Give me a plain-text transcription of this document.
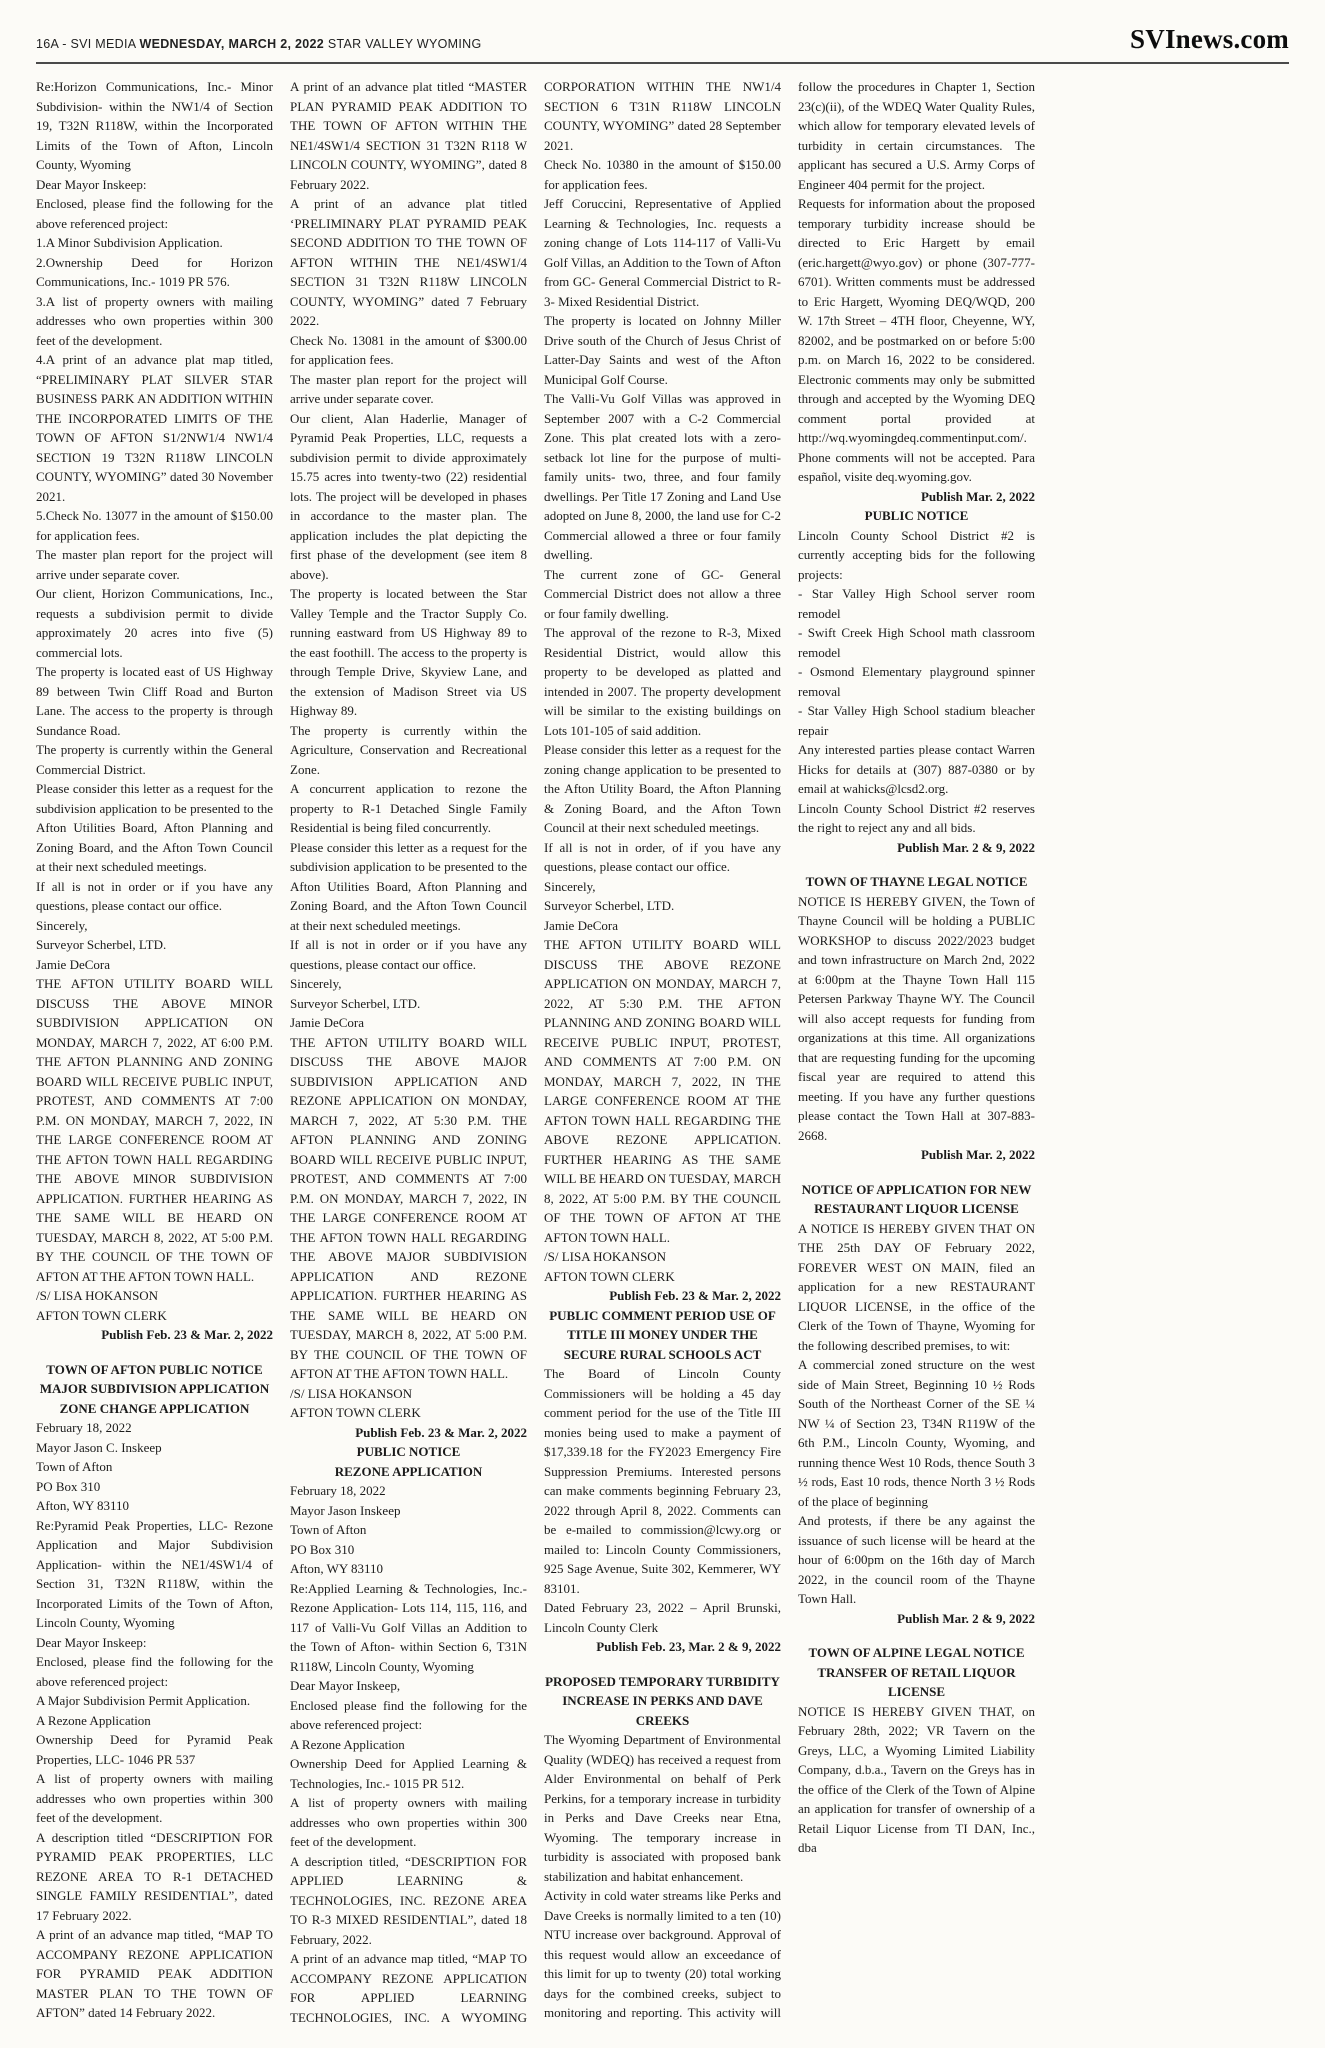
16A - SVI MEDIA WEDNESDAY, MARCH 2, 2022 STAR VALLEY WYOMING	SVInews.com

Re:Horizon Communications, Inc.- Minor Subdivision- within the NW1/4 of Section 19, T32N R118W, within the Incorporated Limits of the Town of Afton, Lincoln County, Wyoming

Dear Mayor Inskeep:

Enclosed, please find the following for the above referenced project:

1.A Minor Subdivision Application.

2.Ownership Deed for Horizon Communications, Inc.- 1019 PR 576.

3.A list of property owners with mailing addresses who own properties within 300 feet of the development.

4.A print of an advance plat map titled, “PRELIMINARY PLAT SILVER STAR BUSINESS PARK AN ADDITION WITHIN THE INCORPORATED LIMITS OF THE TOWN OF AFTON S1/2NW1/4 NW1/4 SECTION 19 T32N R118W LINCOLN COUNTY, WYOMING” dated 30 November 2021.

5.Check No. 13077 in the amount of $150.00 for application fees.

The master plan report for the project will arrive under separate cover.

Our client, Horizon Communications, Inc., requests a subdivision permit to divide approximately 20 acres into five (5) commercial lots.

The property is located east of US Highway 89 between Twin Cliff Road and Burton Lane. The access to the property is through Sundance Road.

The property is currently within the General Commercial District.

Please consider this letter as a request for the subdivision application to be presented to the Afton Utilities Board, Afton Planning and Zoning Board, and the Afton Town Council at their next scheduled meetings.

If all is not in order or if you have any questions, please contact our office.

Sincerely,

Surveyor Scherbel, LTD.

Jamie DeCora

THE AFTON UTILITY BOARD WILL DISCUSS THE ABOVE MINOR SUBDIVISION APPLICATION ON MONDAY, MARCH 7, 2022, AT 6:00 P.M. THE AFTON PLANNING AND ZONING BOARD WILL RECEIVE PUBLIC INPUT, PROTEST, AND COMMENTS AT 7:00 P.M. ON MONDAY, MARCH 7, 2022, IN THE LARGE CONFERENCE ROOM AT THE AFTON TOWN HALL REGARDING THE ABOVE MINOR SUBDIVISION APPLICATION. FURTHER HEARING AS THE SAME WILL BE HEARD ON TUESDAY, MARCH 8, 2022, AT 5:00 P.M. BY THE COUNCIL OF THE TOWN OF AFTON AT THE AFTON TOWN HALL.

/S/ LISA HOKANSON

AFTON TOWN CLERK

Publish Feb. 23 & Mar. 2, 2022
TOWN OF AFTON PUBLIC NOTICE
MAJOR SUBDIVISION APPLICATION
ZONE CHANGE APPLICATION

February 18, 2022

Mayor Jason C. Inskeep

Town of Afton

PO Box 310

Afton, WY 83110

Re:Pyramid Peak Properties, LLC- Rezone Application and Major Subdivision Application- within the NE1/4SW1/4 of Section 31, T32N R118W, within the Incorporated Limits of the Town of Afton, Lincoln County, Wyoming

Dear Mayor Inskeep:

Enclosed, please find the following for the above referenced project:

A Major Subdivision Permit Application.

A Rezone Application

Ownership Deed for Pyramid Peak Properties, LLC- 1046 PR 537

A list of property owners with mailing addresses who own properties within 300 feet of the development.

A description titled “DESCRIPTION FOR PYRAMID PEAK PROPERTIES, LLC REZONE AREA TO R-1 DETACHED SINGLE FAMILY RESIDENTIAL”, dated 17 February 2022.

A print of an advance map titled, “MAP TO ACCOMPANY REZONE APPLICATION FOR PYRAMID PEAK ADDITION MASTER PLAN TO THE TOWN OF AFTON” dated 14 February 2022.

A print of an advance plat titled “MASTER PLAN PYRAMID PEAK ADDITION TO THE TOWN OF AFTON WITHIN THE NE1/4SW1/4 SECTION 31 T32N R118 W LINCOLN COUNTY, WYOMING”, dated 8 February 2022.

A print of an advance plat titled ‘PRELIMINARY PLAT PYRAMID PEAK SECOND ADDITION TO THE TOWN OF AFTON WITHIN THE NE1/4SW1/4 SECTION 31 T32N R118W LINCOLN COUNTY, WYOMING” dated 7 February 2022.

Check No. 13081 in the amount of $300.00 for application fees.

The master plan report for the project will arrive under separate cover.

Our client, Alan Haderlie, Manager of Pyramid Peak Properties, LLC, requests a subdivision permit to divide approximately 15.75 acres into twenty-two (22) residential lots. The project will be developed in phases in accordance to the master plan. The application includes the plat depicting the first phase of the development (see item 8 above).

The property is located between the Star Valley Temple and the Tractor Supply Co. running eastward from US Highway 89 to the east foothill. The access to the property is through Temple Drive, Skyview Lane, and the extension of Madison Street via US Highway 89.

The property is currently within the Agriculture, Conservation and Recreational Zone.

A concurrent application to rezone the property to R-1 Detached Single Family Residential is being filed concurrently.

Please consider this letter as a request for the subdivision application to be presented to the Afton Utilities Board, Afton Planning and Zoning Board, and the Afton Town Council at their next scheduled meetings.

If all is not in order or if you have any questions, please contact our office.

Sincerely,

Surveyor Scherbel, LTD.

Jamie DeCora

THE AFTON UTILITY BOARD WILL DISCUSS THE ABOVE MAJOR SUBDIVISION APPLICATION AND REZONE APPLICATION ON MONDAY, MARCH 7, 2022, AT 5:30 P.M. THE AFTON PLANNING AND ZONING BOARD WILL RECEIVE PUBLIC INPUT, PROTEST, AND COMMENTS AT 7:00 P.M. ON MONDAY, MARCH 7, 2022, IN THE LARGE CONFERENCE ROOM AT THE AFTON TOWN HALL REGARDING THE ABOVE MAJOR SUBDIVISION APPLICATION AND REZONE APPLICATION. FURTHER HEARING AS THE SAME WILL BE HEARD ON TUESDAY, MARCH 8, 2022, AT 5:00 P.M. BY THE COUNCIL OF THE TOWN OF AFTON AT THE AFTON TOWN HALL.

/S/ LISA HOKANSON

AFTON TOWN CLERK

Publish Feb. 23 & Mar. 2, 2022
PUBLIC NOTICE
REZONE APPLICATION

February 18, 2022

Mayor Jason Inskeep

Town of Afton

PO Box 310

Afton, WY 83110

Re:Applied Learning & Technologies, Inc.- Rezone Application- Lots 114, 115, 116, and 117 of Valli-Vu Golf Villas an Addition to the Town of Afton- within Section 6, T31N R118W, Lincoln County, Wyoming

Dear Mayor Inskeep,

Enclosed please find the following for the above referenced project:

A Rezone Application

Ownership Deed for Applied Learning & Technologies, Inc.- 1015 PR 512.

A list of property owners with mailing addresses who own properties within 300 feet of the development.

A description titled, “DESCRIPTION FOR APPLIED LEARNING & TECHNOLOGIES, INC. REZONE AREA TO R-3 MIXED RESIDENTIAL”, dated 18 February, 2022.

A print of an advance map titled, “MAP TO ACCOMPANY REZONE APPLICATION FOR APPLIED LEARNING TECHNOLOGIES, INC. A WYOMING CORPORATION WITHIN THE NW1/4 SECTION 6 T31N R118W LINCOLN COUNTY, WYOMING” dated 28 September 2021.

Check No. 10380 in the amount of $150.00 for application fees.

Jeff Coruccini, Representative of Applied Learning & Technologies, Inc. requests a zoning change of Lots 114-117 of Valli-Vu Golf Villas, an Addition to the Town of Afton from GC- General Commercial District to R-3- Mixed Residential District.

The property is located on Johnny Miller Drive south of the Church of Jesus Christ of Latter-Day Saints and west of the Afton Municipal Golf Course.

The Valli-Vu Golf Villas was approved in September 2007 with a C-2 Commercial Zone. This plat created lots with a zero-setback lot line for the purpose of multi-family units- two, three, and four family dwellings. Per Title 17 Zoning and Land Use adopted on June 8, 2000, the land use for C-2 Commercial allowed a three or four family dwelling.

The current zone of GC- General Commercial District does not allow a three or four family dwelling.

The approval of the rezone to R-3, Mixed Residential District, would allow this property to be developed as platted and intended in 2007. The property development will be similar to the existing buildings on Lots 101-105 of said addition.

Please consider this letter as a request for the zoning change application to be presented to the Afton Utility Board, the Afton Planning & Zoning Board, and the Afton Town Council at their next scheduled meetings.

If all is not in order, of if you have any questions, please contact our office.

Sincerely,

Surveyor Scherbel, LTD.

Jamie DeCora

THE AFTON UTILITY BOARD WILL DISCUSS THE ABOVE REZONE APPLICATION ON MONDAY, MARCH 7, 2022, AT 5:30 P.M. THE AFTON PLANNING AND ZONING BOARD WILL RECEIVE PUBLIC INPUT, PROTEST, AND COMMENTS AT 7:00 P.M. ON MONDAY, MARCH 7, 2022, IN THE LARGE CONFERENCE ROOM AT THE AFTON TOWN HALL REGARDING THE ABOVE REZONE APPLICATION. FURTHER HEARING AS THE SAME WILL BE HEARD ON TUESDAY, MARCH 8, 2022, AT 5:00 P.M. BY THE COUNCIL OF THE TOWN OF AFTON AT THE AFTON TOWN HALL.

/S/ LISA HOKANSON

AFTON TOWN CLERK

Publish Feb. 23 & Mar. 2, 2022
PUBLIC COMMENT PERIOD USE OF TITLE III MONEY UNDER THE SECURE RURAL SCHOOLS ACT

The Board of Lincoln County Commissioners will be holding a 45 day comment period for the use of the Title III monies being used to make a payment of $17,339.18 for the FY2023 Emergency Fire Suppression Premiums. Interested persons can make comments beginning February 23, 2022 through April 8, 2022. Comments can be e-mailed to commission@lcwy.org or mailed to: Lincoln County Commissioners, 925 Sage Avenue, Suite 302, Kemmerer, WY 83101.

Dated February 23, 2022 – April Brunski, Lincoln County Clerk

Publish Feb. 23, Mar. 2 & 9, 2022
PROPOSED TEMPORARY TURBIDITY INCREASE IN PERKS AND DAVE CREEKS

The Wyoming Department of Environmental Quality (WDEQ) has received a request from Alder Environmental on behalf of Perk Perkins, for a temporary increase in turbidity in Perks and Dave Creeks near Etna, Wyoming. The temporary increase in turbidity is associated with proposed bank stabilization and habitat enhancement.

Activity in cold water streams like Perks and Dave Creeks is normally limited to a ten (10) NTU increase over background. Approval of this request would allow an exceedance of this limit for up to twenty (20) total working days for the combined creeks, subject to monitoring and reporting. This activity will follow the procedures in Chapter 1, Section 23(c)(ii), of the WDEQ Water Quality Rules, which allow for temporary elevated levels of turbidity in certain circumstances. The applicant has secured a U.S. Army Corps of Engineer 404 permit for the project.

Requests for information about the proposed temporary turbidity increase should be directed to Eric Hargett by email (eric.hargett@wyo.gov) or phone (307-777-6701). Written comments must be addressed to Eric Hargett, Wyoming DEQ/WQD, 200 W. 17th Street – 4TH floor, Cheyenne, WY, 82002, and be postmarked on or before 5:00 p.m. on March 16, 2022 to be considered. Electronic comments may only be submitted through and accepted by the Wyoming DEQ comment portal provided at http://wq.wyomingdeq.commentinput.com/. Phone comments will not be accepted. Para español, visite deq.wyoming.gov.

Publish Mar. 2, 2022
PUBLIC NOTICE

Lincoln County School District #2 is currently accepting bids for the following projects:

- Star Valley High School server room remodel

- Swift Creek High School math classroom remodel

- Osmond Elementary playground spinner removal

- Star Valley High School stadium bleacher repair

Any interested parties please contact Warren Hicks for details at (307) 887-0380 or by email at wahicks@lcsd2.org.

Lincoln County School District #2 reserves the right to reject any and all bids.

Publish Mar. 2 & 9, 2022
TOWN OF THAYNE LEGAL NOTICE

NOTICE IS HEREBY GIVEN, the Town of Thayne Council will be holding a PUBLIC WORKSHOP to discuss 2022/2023 budget and town infrastructure on March 2nd, 2022 at 6:00pm at the Thayne Town Hall 115 Petersen Parkway Thayne WY. The Council will also accept requests for funding from organizations at this time. All organizations that are requesting funding for the upcoming fiscal year are required to attend this meeting. If you have any further questions please contact the Town Hall at 307-883-2668.

Publish Mar. 2, 2022
NOTICE OF APPLICATION FOR NEW RESTAURANT LIQUOR LICENSE

A NOTICE IS HEREBY GIVEN THAT ON THE 25th DAY OF February 2022, FOREVER WEST ON MAIN, filed an application for a new RESTAURANT LIQUOR LICENSE, in the office of the Clerk of the Town of Thayne, Wyoming for the following described premises, to wit:

A commercial zoned structure on the west side of Main Street, Beginning 10 ½ Rods South of the Northeast Corner of the SE ¼ NW ¼ of Section 23, T34N R119W of the 6th P.M., Lincoln County, Wyoming, and running thence West 10 Rods, thence South 3 ½ rods, East 10 rods, thence North 3 ½ Rods of the place of beginning

And protests, if there be any against the issuance of such license will be heard at the hour of 6:00pm on the 16th day of March 2022, in the council room of the Thayne Town Hall.

Publish Mar. 2 & 9, 2022
TOWN OF ALPINE LEGAL NOTICE
TRANSFER OF RETAIL LIQUOR LICENSE

NOTICE IS HEREBY GIVEN THAT, on February 28th, 2022; VR Tavern on the Greys, LLC, a Wyoming Limited Liability Company, d.b.a., Tavern on the Greys has in the office of the Clerk of the Town of Alpine an application for transfer of ownership of a Retail Liquor License from TI DAN, Inc., dba
